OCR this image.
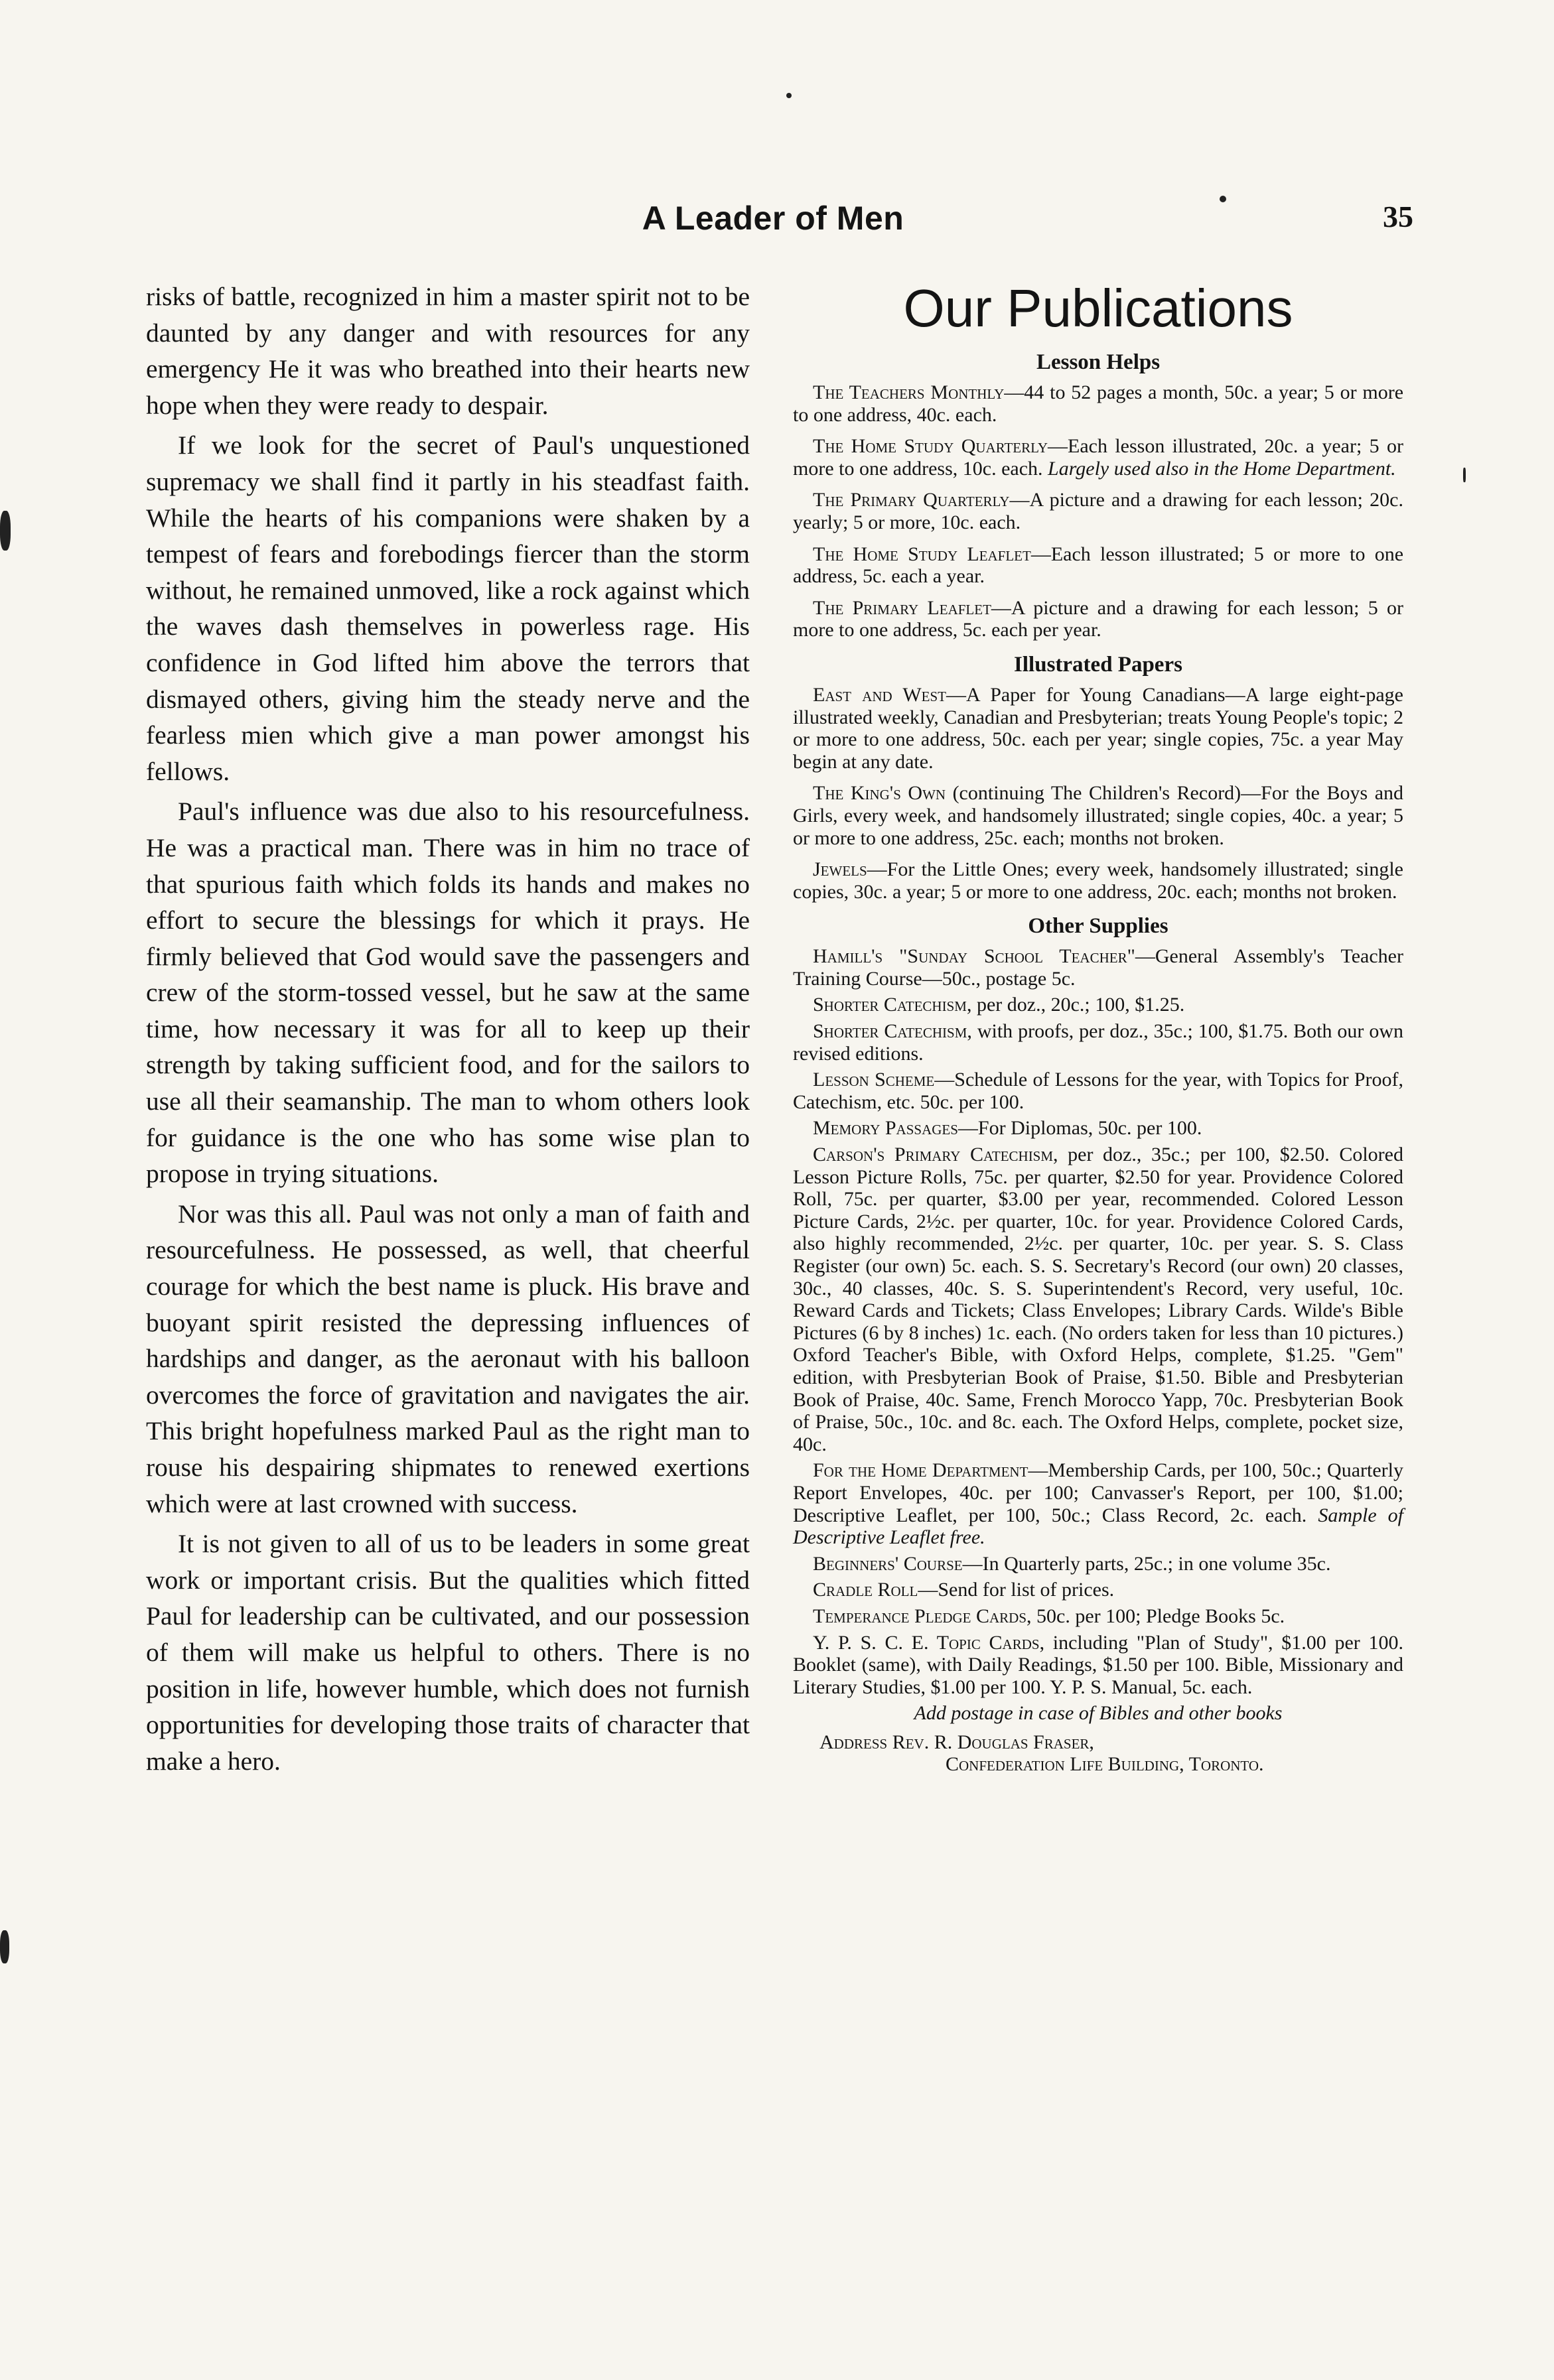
A Leader of Men	35

risks of battle, recognized in him a master spirit not to be daunted by any danger and with resources for any emergency He it was who breathed into their hearts new hope when they were ready to despair.

If we look for the secret of Paul's unquestioned supremacy we shall find it partly in his steadfast faith. While the hearts of his companions were shaken by a tempest of fears and forebodings fiercer than the storm without, he remained unmoved, like a rock against which the waves dash themselves in powerless rage. His confidence in God lifted him above the terrors that dismayed others, giving him the steady nerve and the fearless mien which give a man power amongst his fellows.

Paul's influence was due also to his resourcefulness. He was a practical man. There was in him no trace of that spurious faith which folds its hands and makes no effort to secure the blessings for which it prays. He firmly believed that God would save the passengers and crew of the storm-tossed vessel, but he saw at the same time, how necessary it was for all to keep up their strength by taking sufficient food, and for the sailors to use all their seamanship. The man to whom others look for guidance is the one who has some wise plan to propose in trying situations.

Nor was this all. Paul was not only a man of faith and resourcefulness. He possessed, as well, that cheerful courage for which the best name is pluck. His brave and buoyant spirit resisted the depressing influences of hardships and danger, as the aeronaut with his balloon overcomes the force of gravitation and navigates the air. This bright hopefulness marked Paul as the right man to rouse his despairing shipmates to renewed exertions which were at last crowned with success.

It is not given to all of us to be leaders in some great work or important crisis. But the qualities which fitted Paul for leadership can be cultivated, and our possession of them will make us helpful to others. There is no position in life, however humble, which does not furnish opportunities for developing those traits of character that make a hero.

Our Publications
Lesson Helps
The Teachers Monthly—44 to 52 pages a month, 50c. a year; 5 or more to one address, 40c. each.
The Home Study Quarterly—Each lesson illustrated, 20c. a year; 5 or more to one address, 10c. each. Largely used also in the Home Department.
The Primary Quarterly—A picture and a drawing for each lesson; 20c. yearly; 5 or more, 10c. each.
The Home Study Leaflet—Each lesson illustrated; 5 or more to one address, 5c. each a year.
The Primary Leaflet—A picture and a drawing for each lesson; 5 or more to one address, 5c. each per year.
Illustrated Papers
East and West—A Paper for Young Canadians—A large eight-page illustrated weekly, Canadian and Presbyterian; treats Young People's topic; 2 or more to one address, 50c. each per year; single copies, 75c. a year May begin at any date.
The King's Own (continuing The Children's Record)—For the Boys and Girls, every week, and handsomely illustrated; single copies, 40c. a year; 5 or more to one address, 25c. each; months not broken.
Jewels—For the Little Ones; every week, handsomely illustrated; single copies, 30c. a year; 5 or more to one address, 20c. each; months not broken.
Other Supplies
Hamill's "Sunday School Teacher"—General Assembly's Teacher Training Course—50c., postage 5c.
Shorter Catechism, per doz., 20c.; 100, $1.25.
Shorter Catechism, with proofs, per doz., 35c.; 100, $1.75. Both our own revised editions.
Lesson Scheme—Schedule of Lessons for the year, with Topics for Proof, Catechism, etc. 50c. per 100.
Memory Passages—For Diplomas, 50c. per 100.
Carson's Primary Catechism, per doz., 35c.; per 100, $2.50. Colored Lesson Picture Rolls, 75c. per quarter, $2.50 for year. Providence Colored Roll, 75c. per quarter, $3.00 per year, recommended. Colored Lesson Picture Cards, 2½c. per quarter, 10c. for year. Providence Colored Cards, also highly recommended, 2½c. per quarter, 10c. per year. S. S. Class Register (our own) 5c. each. S. S. Secretary's Record (our own) 20 classes, 30c., 40 classes, 40c. S. S. Superintendent's Record, very useful, 10c. Reward Cards and Tickets; Class Envelopes; Library Cards. Wilde's Bible Pictures (6 by 8 inches) 1c. each. (No orders taken for less than 10 pictures.) Oxford Teacher's Bible, with Oxford Helps, complete, $1.25. "Gem" edition, with Presbyterian Book of Praise, $1.50. Bible and Presbyterian Book of Praise, 40c. Same, French Morocco Yapp, 70c. Presbyterian Book of Praise, 50c., 10c. and 8c. each. The Oxford Helps, complete, pocket size, 40c.
For the Home Department—Membership Cards, per 100, 50c.; Quarterly Report Envelopes, 40c. per 100; Canvasser's Report, per 100, $1.00; Descriptive Leaflet, per 100, 50c.; Class Record, 2c. each. Sample of Descriptive Leaflet free.
Beginners' Course—In Quarterly parts, 25c.; in one volume 35c.
Cradle Roll—Send for list of prices.
Temperance Pledge Cards, 50c. per 100; Pledge Books 5c.
Y. P. S. C. E. Topic Cards, including "Plan of Study", $1.00 per 100. Booklet (same), with Daily Readings, $1.50 per 100. Bible, Missionary and Literary Studies, $1.00 per 100. Y. P. S. Manual, 5c. each.
Add postage in case of Bibles and other books

Address Rev. R. Douglas Fraser,

Confederation Life Building, Toronto.
